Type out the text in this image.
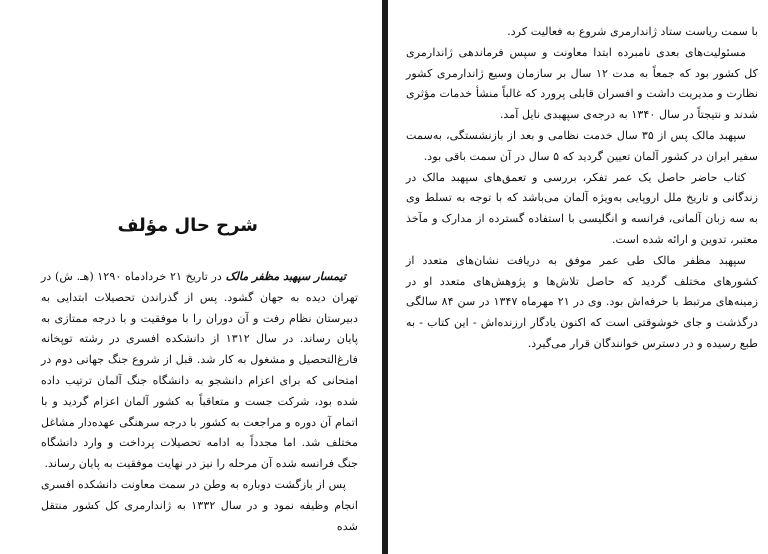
شرح حال مؤلف

تیمسار سپهبد مظفر مالک در تاریخ ۲۱ خردادماه ۱۲۹۰ (هـ. ش) در تهران دیده به جهان گشود. پس از گذراندن تحصیلات ابتدایی به دبیرستان نظام رفت و آن دوران را با موفقیت و با درجه ممتازی به پایان رساند. در سال ۱۳۱۲ از دانشکده افسری در رشته توپخانه فارغ‌التحصیل و مشغول به کار شد. قبل از شروع جنگ جهانی دوم در امتحانی که برای اعزام دانشجو به دانشگاه جنگ آلمان ترتیب داده شده بود، شرکت جست و متعاقباً به کشور آلمان اعزام گردید و با اتمام آن دوره و مراجعت به کشور با درجه سرهنگی عهده‌دار مشاغل مختلف شد. اما مجدداً به ادامه تحصیلات پرداخت و وارد دانشگاه جنگ فرانسه شده آن مرحله را نیز در نهایت موفقیت به پایان رساند.

پس از بازگشت دوباره به وطن در سمت معاونت دانشکده افسری انجام وظیفه نمود و در سال ۱۳۳۲ به ژاندارمری کل کشور منتقل شده

با سمت ریاست ستاد ژاندارمری شروع به فعالیت کرد.

مسئولیت‌های بعدی نامبرده ابتدا معاونت و سپس فرماندهی ژاندارمری کل کشور بود که جمعاً به مدت ۱۲ سال بر سازمان وسیع ژاندارمری کشور نظارت و مدیریت داشت و افسران قابلی پرورد که غالباً منشأ خدمات مؤثری شدند و نتیجتاً در سال ۱۳۴۰ به درجه‌ی سپهبدی نایل آمد.

سپهبد مالک پس از ۳۵ سال خدمت نظامی و بعد از بازنشستگی، به‌سمت سفیر ایران در کشور آلمان تعیین گردید که ۵ سال در آن سمت باقی بود.

کتاب حاضر حاصل یک عمر تفکر، بررسی و تعمق‌های سپهبد مالک در زندگانی و تاریخ ملل اروپایی به‌ویژه آلمان می‌باشد که با توجه به تسلط وی به سه زبان آلمانی، فرانسه و انگلیسی با استفاده گسترده از مدارک و مآخذ معتبر، تدوین و ارائه شده است.

سپهبد مظفر مالک طی عمر موفق به دریافت نشان‌های متعدد از کشورهای مختلف گردید که حاصل تلاش‌ها و پژوهش‌های متعدد او در زمینه‌های مرتبط با حرفه‌اش بود. وی در ۲۱ مهرماه ۱۳۴۷ در سن ۸۴ سالگی درگذشت و جای خوشوقتی است که اکنون یادگار ارزنده‌اش - این کتاب - به طبع رسیده و در دسترس خوانندگان قرار می‌گیرد.
